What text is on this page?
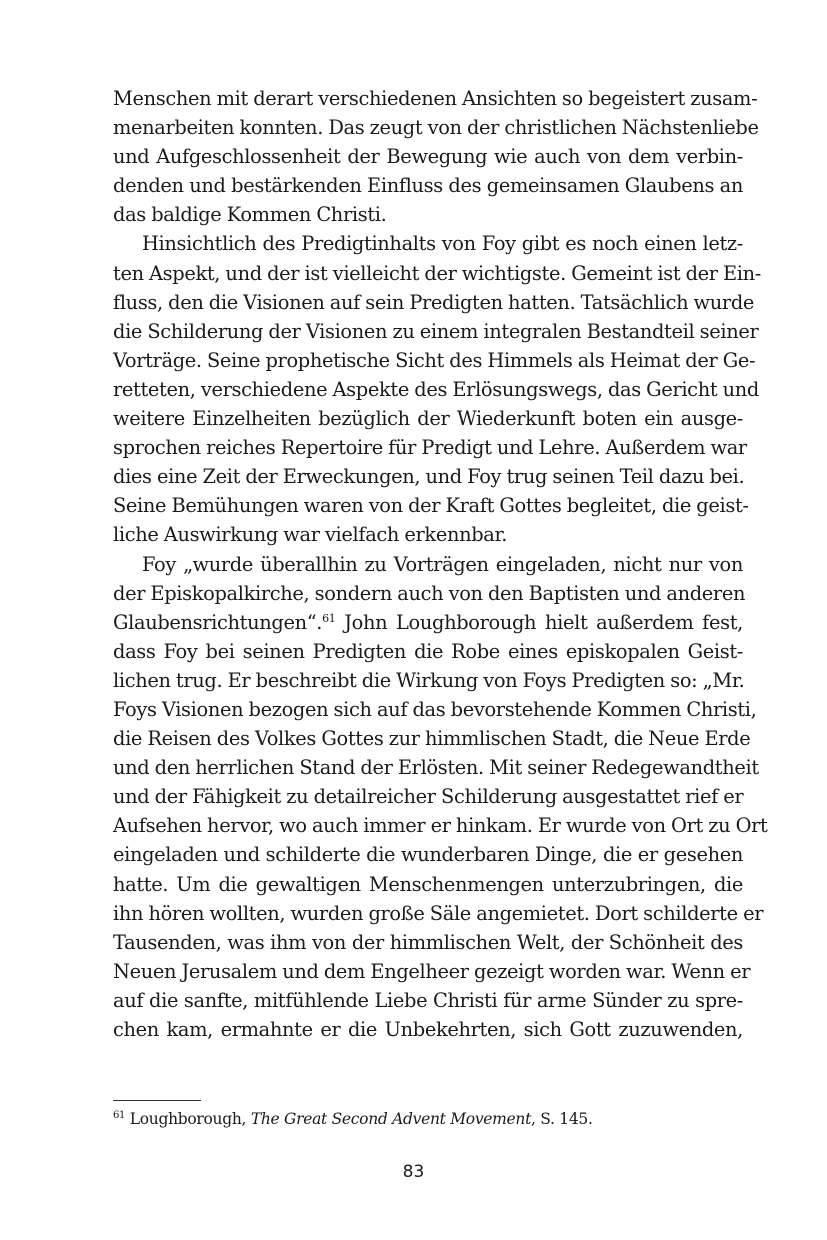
Menschen mit derart verschiedenen Ansichten so begeistert zusam-
menarbeiten konnten. Das zeugt von der christlichen Nächstenliebe
und Aufgeschlossenheit der Bewegung wie auch von dem verbin-
denden und bestärkenden Einfluss des gemeinsamen Glaubens an
das baldige Kommen Christi.
Hinsichtlich des Predigtinhalts von Foy gibt es noch einen letz-
ten Aspekt, und der ist vielleicht der wichtigste. Gemeint ist der Ein-
fluss, den die Visionen auf sein Predigten hatten. Tatsächlich wurde
die Schilderung der Visionen zu einem integralen Bestandteil seiner
Vorträge. Seine prophetische Sicht des Himmels als Heimat der Ge-
retteten, verschiedene Aspekte des Erlösungswegs, das Gericht und
weitere Einzelheiten bezüglich der Wiederkunft boten ein ausge-
sprochen reiches Repertoire für Predigt und Lehre. Außerdem war
dies eine Zeit der Erweckungen, und Foy trug seinen Teil dazu bei.
Seine Bemühungen waren von der Kraft Gottes begleitet, die geist-
liche Auswirkung war vielfach erkennbar.
Foy „wurde überallhin zu Vorträgen eingeladen, nicht nur von
der Episkopalkirche, sondern auch von den Baptisten und anderen
Glaubensrichtungen“.$^{61}$ John Loughborough hielt außerdem fest,
dass Foy bei seinen Predigten die Robe eines episkopalen Geist-
lichen trug. Er beschreibt die Wirkung von Foys Predigten so: „Mr.
Foys Visionen bezogen sich auf das bevorstehende Kommen Christi,
die Reisen des Volkes Gottes zur himmlischen Stadt, die Neue Erde
und den herrlichen Stand der Erlösten. Mit seiner Redegewandtheit
und der Fähigkeit zu detailreicher Schilderung ausgestattet rief er
Aufsehen hervor, wo auch immer er hinkam. Er wurde von Ort zu Ort
eingeladen und schilderte die wunderbaren Dinge, die er gesehen
hatte. Um die gewaltigen Menschenmengen unterzubringen, die
ihn hören wollten, wurden große Säle angemietet. Dort schilderte er
Tausenden, was ihm von der himmlischen Welt, der Schönheit des
Neuen Jerusalem und dem Engelheer gezeigt worden war. Wenn er
auf die sanfte, mitfühlende Liebe Christi für arme Sünder zu spre-
chen kam, ermahnte er die Unbekehrten, sich Gott zuzuwenden,
$^{61}$ Loughborough, The Great Second Advent Movement, S. 145.
83
